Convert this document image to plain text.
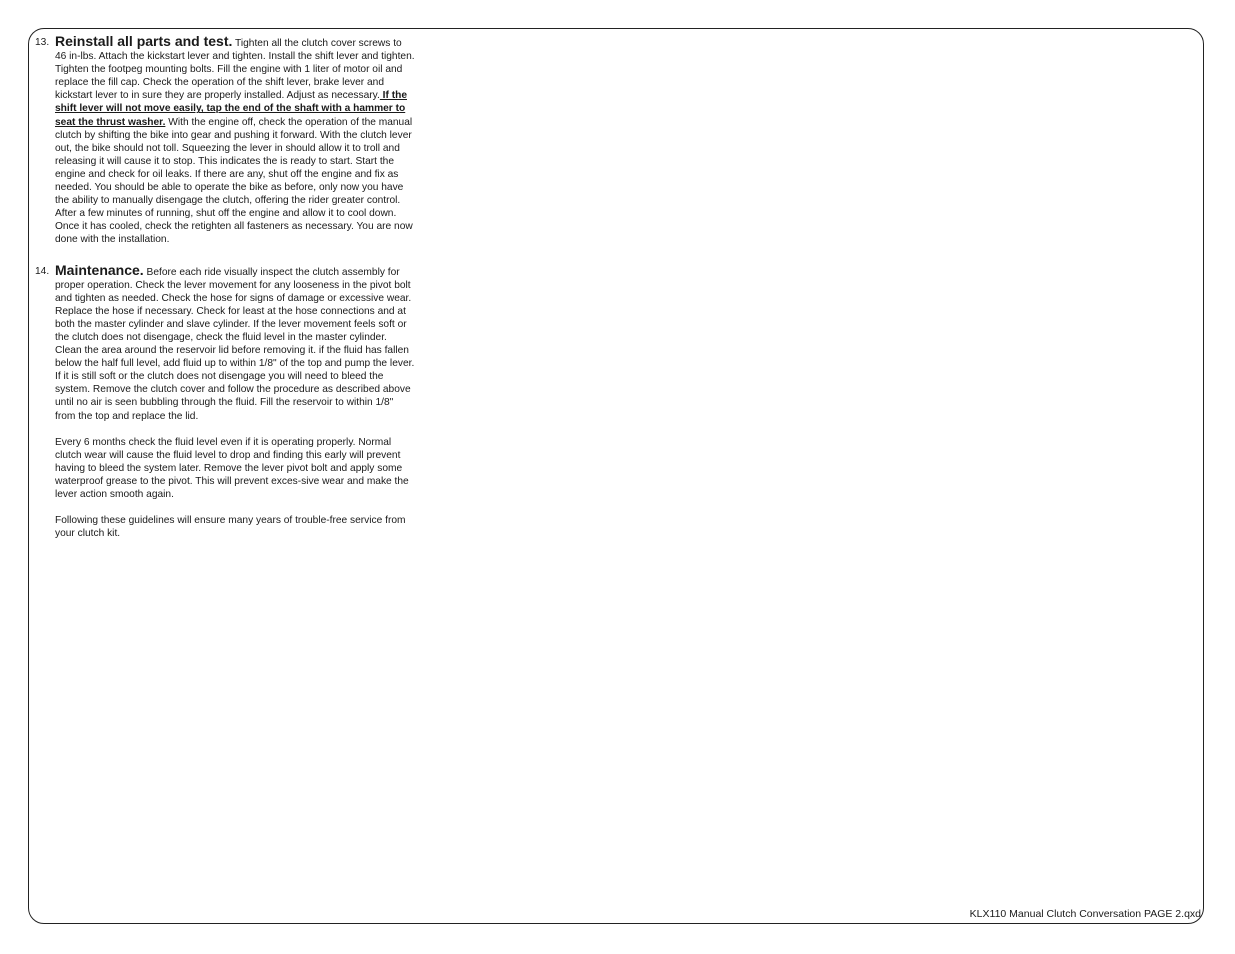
13. Reinstall all parts and test. Tighten all the clutch cover screws to 46 in-lbs. Attach the kickstart lever and tighten. Install the shift lever and tighten. Tighten the footpeg mounting bolts. Fill the engine with 1 liter of motor oil and replace the fill cap. Check the operation of the shift lever, brake lever and kickstart lever to in sure they are properly installed. Adjust as necessary. If the shift lever will not move easily, tap the end of the shaft with a hammer to seat the thrust washer. With the engine off, check the operation of the manual clutch by shifting the bike into gear and pushing it forward. With the clutch lever out, the bike should not toll. Squeezing the lever in should allow it to troll and releasing it will cause it to stop. This indicates the is ready to start. Start the engine and check for oil leaks. If there are any, shut off the engine and fix as needed. You should be able to operate the bike as before, only now you have the ability to manually disengage the clutch, offering the rider greater control. After a few minutes of running, shut off the engine and allow it to cool down. Once it has cooled, check the retighten all fasteners as necessary. You are now done with the installation.
14. Maintenance. Before each ride visually inspect the clutch assembly for proper operation. Check the lever movement for any looseness in the pivot bolt and tighten as needed. Check the hose for signs of damage or excessive wear. Replace the hose if necessary. Check for least at the hose connections and at both the master cylinder and slave cylinder. If the lever movement feels soft or the clutch does not disengage, check the fluid level in the master cylinder. Clean the area around the reservoir lid before removing it. if the fluid has fallen below the half full level, add fluid up to within 1/8" of the top and pump the lever. If it is still soft or the clutch does not disengage you will need to bleed the system. Remove the clutch cover and follow the procedure as described above until no air is seen bubbling through the fluid. Fill the reservoir to within 1/8" from the top and replace the lid.
Every 6 months check the fluid level even if it is operating properly. Normal clutch wear will cause the fluid level to drop and finding this early will prevent having to bleed the system later. Remove the lever pivot bolt and apply some waterproof grease to the pivot. This will prevent exces-sive wear and make the lever action smooth again.
Following these guidelines will ensure many years of trouble-free service from your clutch kit.
KLX110 Manual Clutch Conversation PAGE 2.qxd
